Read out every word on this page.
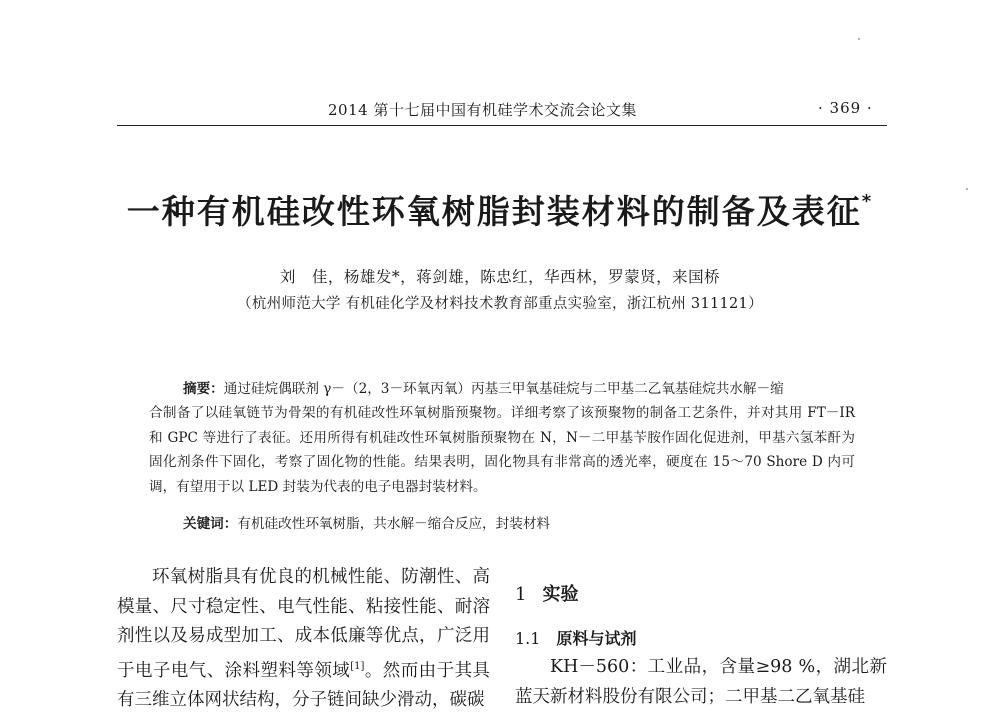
2014 第十七届中国有机硅学术交流会论文集	· 369 ·
一种有机硅改性环氧树脂封装材料的制备及表征*
刘　佳，杨雄发*，蒋剑雄，陈忠红，华西林，罗蒙贤，来国桥
（杭州师范大学 有机硅化学及材料技术教育部重点实验室，浙江杭州 311121）
摘要：通过硅烷偶联剂 γ－（2，3－环氧丙氧）丙基三甲氧基硅烷与二甲基二乙氧基硅烷共水解－缩
合制备了以硅氧链节为骨架的有机硅改性环氧树脂预聚物。详细考察了该预聚物的制备工艺条件，并对其用 FT－IR 和 GPC 等进行了表征。还用所得有机硅改性环氧树脂预聚物在 N，N－二甲基苄胺作固化促进剂，甲基六氢苯酐为固化剂条件下固化，考察了固化物的性能。结果表明，固化物具有非常高的透光率，硬度在 15～70 Shore D 内可调，有望用于以 LED 封装为代表的电子电器封装材料。
关键词：有机硅改性环氧树脂，共水解－缩合反应，封装材料

环氧树脂具有优良的机械性能、防潮性、高模量、尺寸稳定性、电气性能、粘接性能、耐溶剂性以及易成型加工、成本低廉等优点，广泛用于电子电气、涂料塑料等领域[1]。然而由于其具有三维立体网状结构，分子链间缺少滑动，碳碳

1 实验
1.1 原料与试剂

KH－560：工业品，含量≥98 %，湖北新蓝天新材料股份有限公司；二甲基二乙氧基硅
